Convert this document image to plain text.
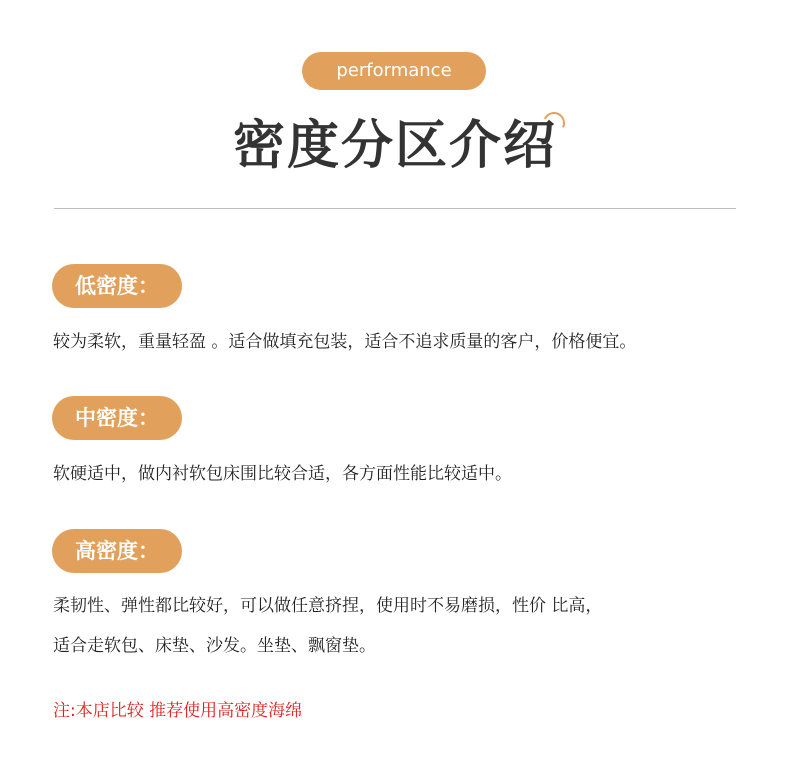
performance
密度分区介绍
低密度：

较为柔软，重量轻盈 。适合做填充包装，适合不追求质量的客户，价格便宜。

中密度：

软硬适中，做内衬软包床围比较合适，各方面性能比较适中。

高密度：

柔韧性、弹性都比较好，可以做任意挤捏，使用时不易磨损，性价 比高，

适合走软包、床垫、沙发。坐垫、飘窗垫。

注:本店比较 推荐使用高密度海绵
